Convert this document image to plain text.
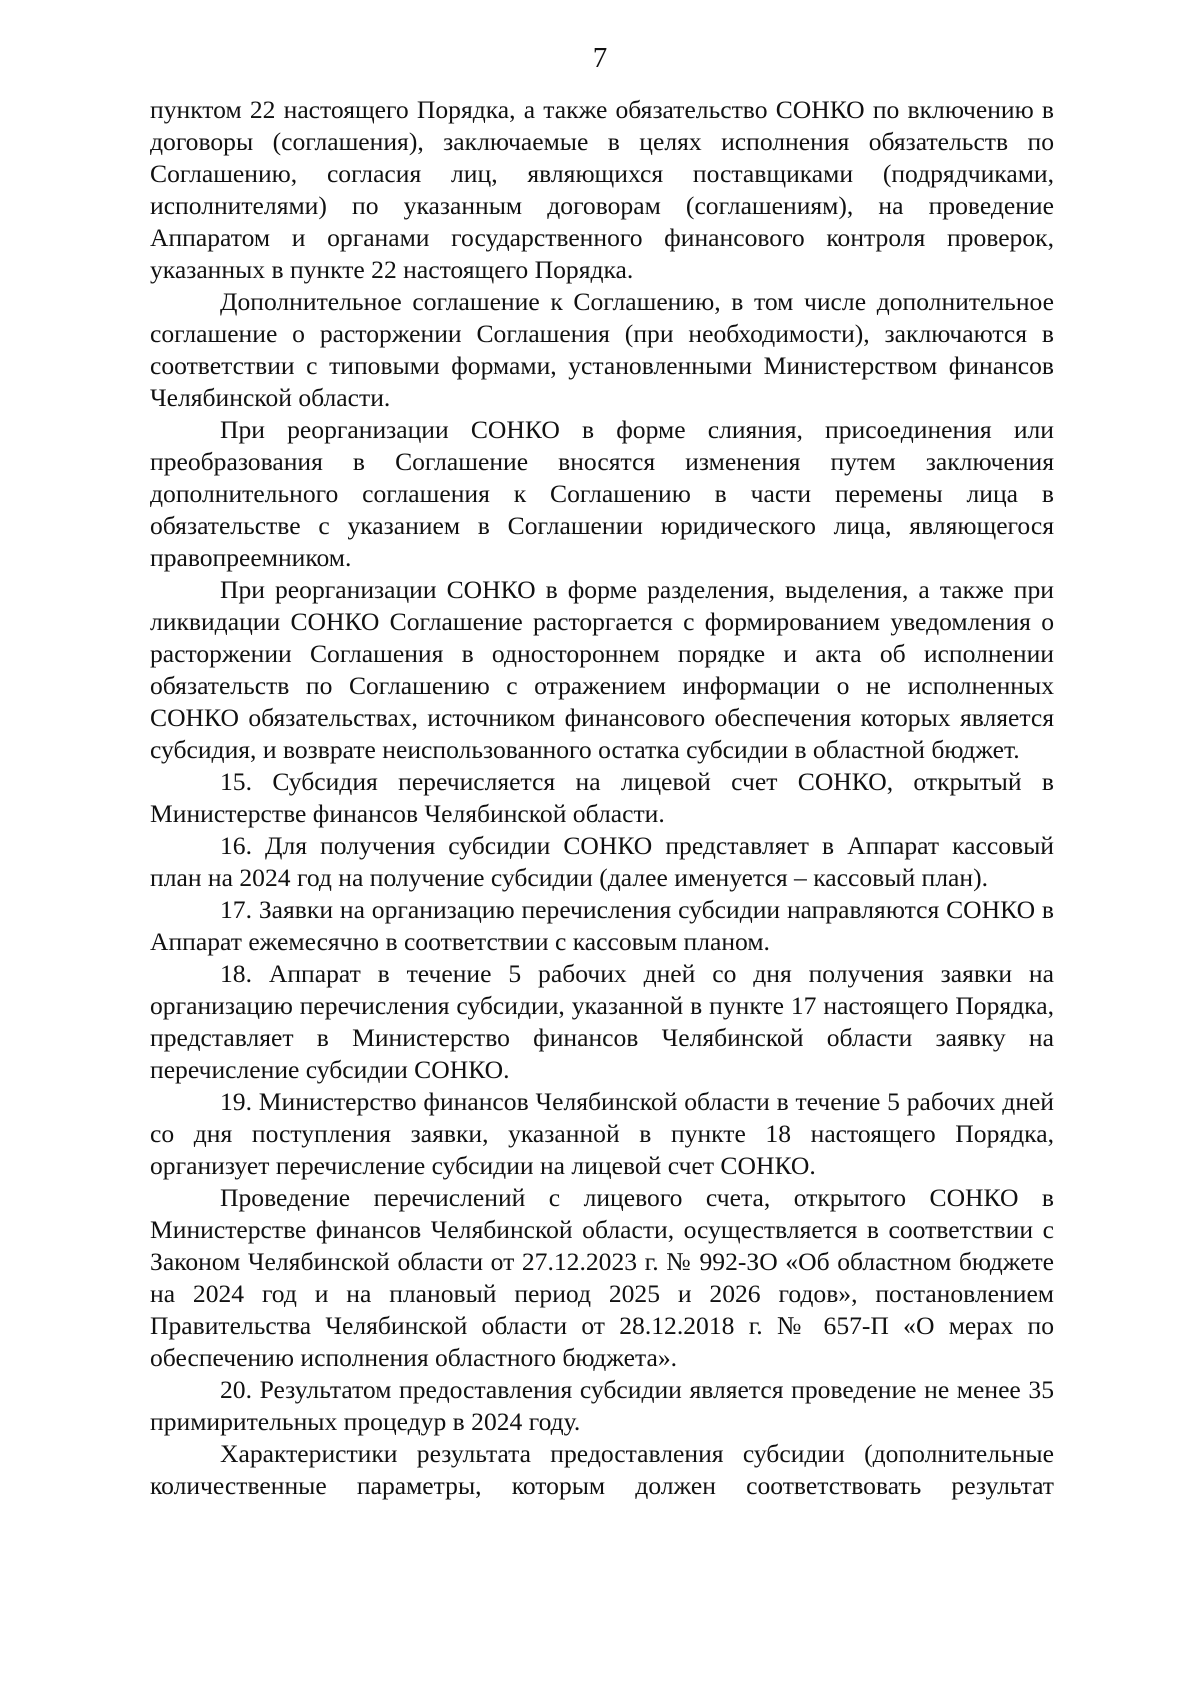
7

пунктом 22 настоящего Порядка, а также обязательство СОНКО по включению в договоры (соглашения), заключаемые в целях исполнения обязательств по Соглашению, согласия лиц, являющихся поставщиками (подрядчиками, исполнителями) по указанным договорам (соглашениям), на проведение Аппаратом и органами государственного финансового контроля проверок, указанных в пункте 22 настоящего Порядка.

Дополнительное соглашение к Соглашению, в том числе дополнительное соглашение о расторжении Соглашения (при необходимости), заключаются в соответствии с типовыми формами, установленными Министерством финансов Челябинской области.

При реорганизации СОНКО в форме слияния, присоединения или преобразования в Соглашение вносятся изменения путем заключения дополнительного соглашения к Соглашению в части перемены лица в обязательстве с указанием в Соглашении юридического лица, являющегося правопреемником.

При реорганизации СОНКО в форме разделения, выделения, а также при ликвидации СОНКО Соглашение расторгается с формированием уведомления о расторжении Соглашения в одностороннем порядке и акта об исполнении обязательств по Соглашению с отражением информации о не исполненных СОНКО обязательствах, источником финансового обеспечения которых является субсидия, и возврате неиспользованного остатка субсидии в областной бюджет.

15. Субсидия перечисляется на лицевой счет СОНКО, открытый в Министерстве финансов Челябинской области.

16. Для получения субсидии СОНКО представляет в Аппарат кассовый план на 2024 год на получение субсидии (далее именуется – кассовый план).

17. Заявки на организацию перечисления субсидии направляются СОНКО в Аппарат ежемесячно в соответствии с кассовым планом.

18. Аппарат в течение 5 рабочих дней со дня получения заявки на организацию перечисления субсидии, указанной в пункте 17 настоящего Порядка, представляет в Министерство финансов Челябинской области заявку на перечисление субсидии СОНКО.

19. Министерство финансов Челябинской области в течение 5 рабочих дней со дня поступления заявки, указанной в пункте 18 настоящего Порядка, организует перечисление субсидии на лицевой счет СОНКО.

Проведение перечислений с лицевого счета, открытого СОНКО в Министерстве финансов Челябинской области, осуществляется в соответствии с Законом Челябинской области от 27.12.2023 г. № 992-ЗО «Об областном бюджете на 2024 год и на плановый период 2025 и 2026 годов», постановлением Правительства Челябинской области от 28.12.2018 г. № 657-П «О мерах по обеспечению исполнения областного бюджета».

20. Результатом предоставления субсидии является проведение не менее 35 примирительных процедур в 2024 году.

Характеристики результата предоставления субсидии (дополнительные количественные параметры, которым должен соответствовать результат
